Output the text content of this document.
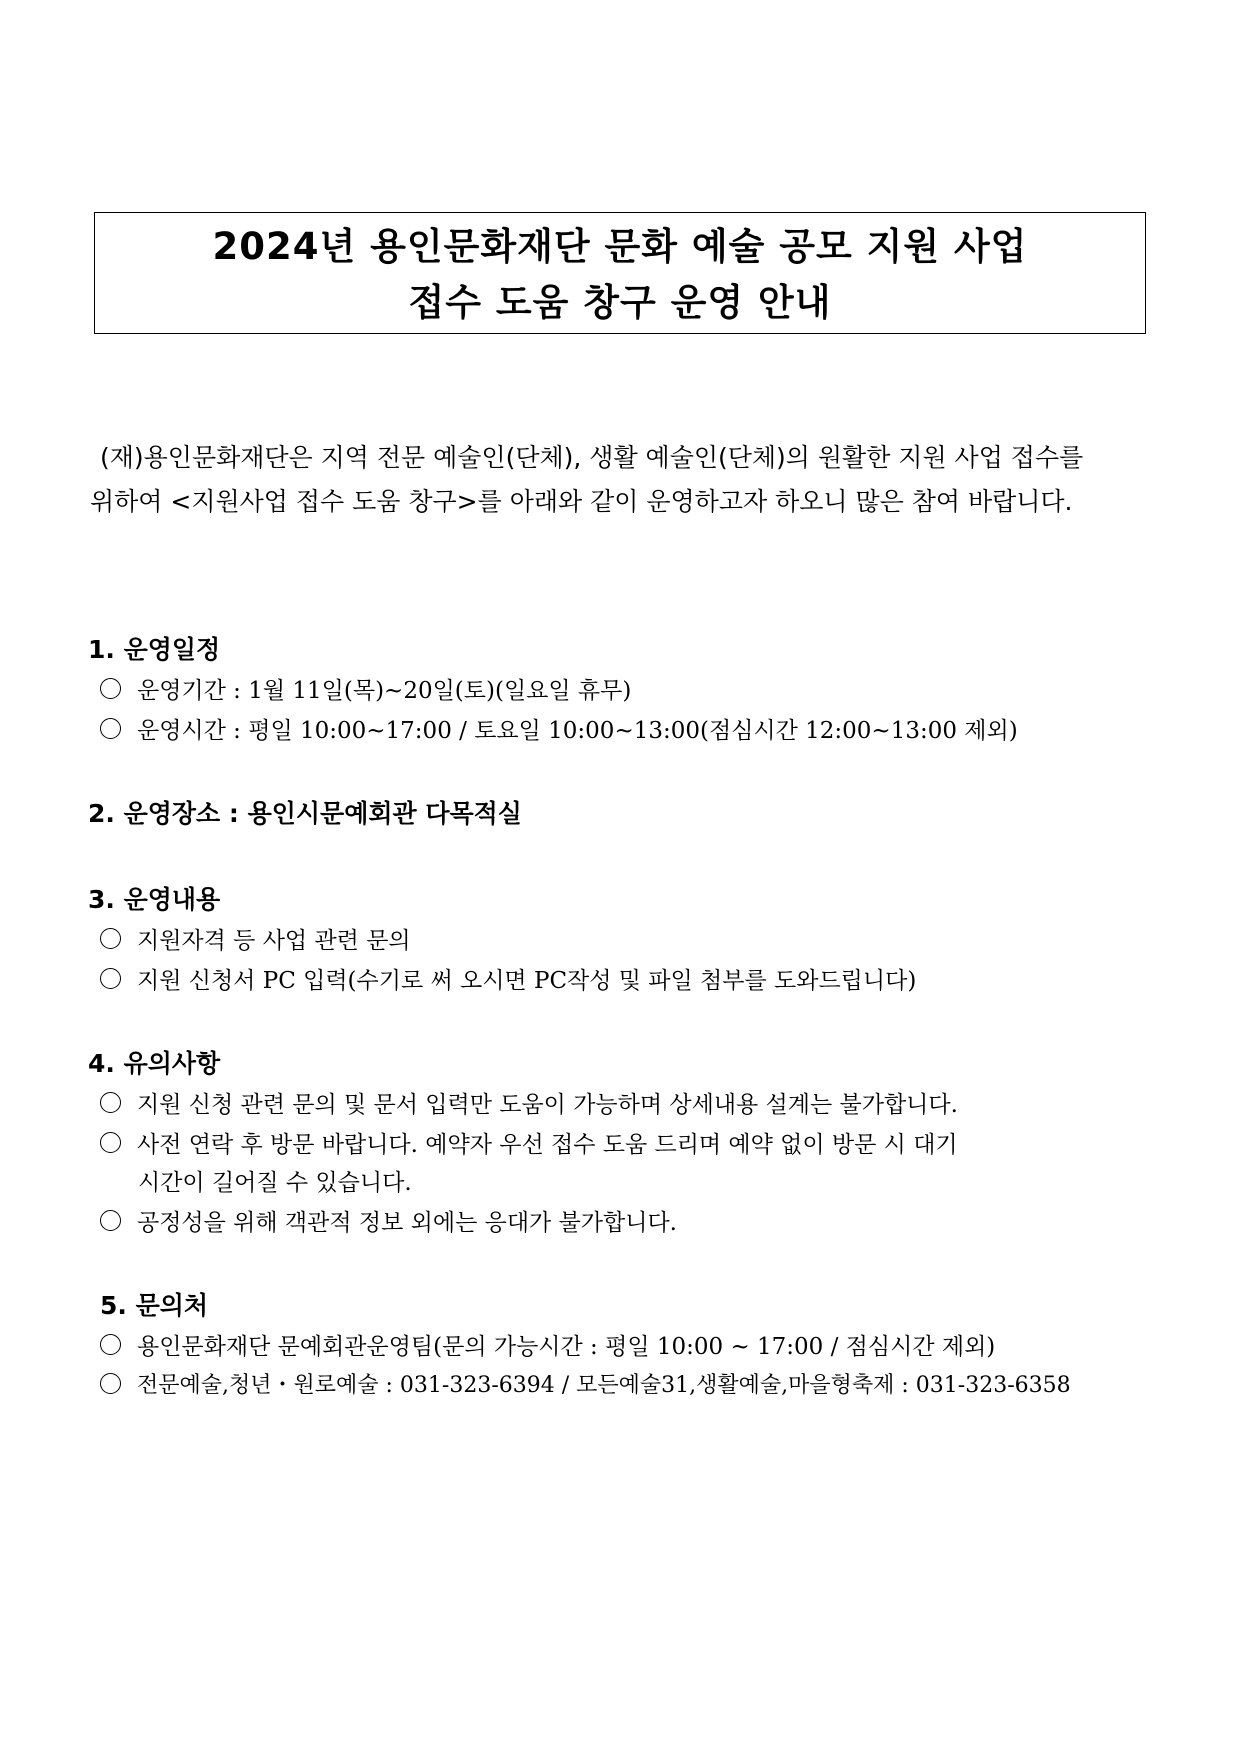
2024년 용인문화재단 문화 예술 공모 지원 사업
접수 도움 창구 운영 안내
(재)용인문화재단은 지역 전문 예술인(단체), 생활 예술인(단체)의 원활한 지원 사업 접수를
위하여 <지원사업 접수 도움 창구>를 아래와 같이 운영하고자 하오니 많은 참여 바랍니다.
1. 운영일정
운영기간 : 1월 11일(목)~20일(토)(일요일 휴무)
운영시간 : 평일 10:00~17:00 / 토요일 10:00~13:00(점심시간 12:00~13:00 제외)
2. 운영장소 : 용인시문예회관 다목적실
3. 운영내용
지원자격 등 사업 관련 문의
지원 신청서 PC 입력(수기로 써 오시면 PC작성 및 파일 첨부를 도와드립니다)
4. 유의사항
지원 신청 관련 문의 및 문서 입력만 도움이 가능하며 상세내용 설계는 불가합니다.
사전 연락 후 방문 바랍니다. 예약자 우선 접수 도움 드리며 예약 없이 방문 시 대기
시간이 길어질 수 있습니다.
공정성을 위해 객관적 정보 외에는 응대가 불가합니다.
5. 문의처
용인문화재단 문예회관운영팀(문의 가능시간 : 평일 10:00 ~ 17:00 / 점심시간 제외)
전문예술,청년・원로예술 : 031-323-6394 / 모든예술31,생활예술,마을형축제 : 031-323-6358
